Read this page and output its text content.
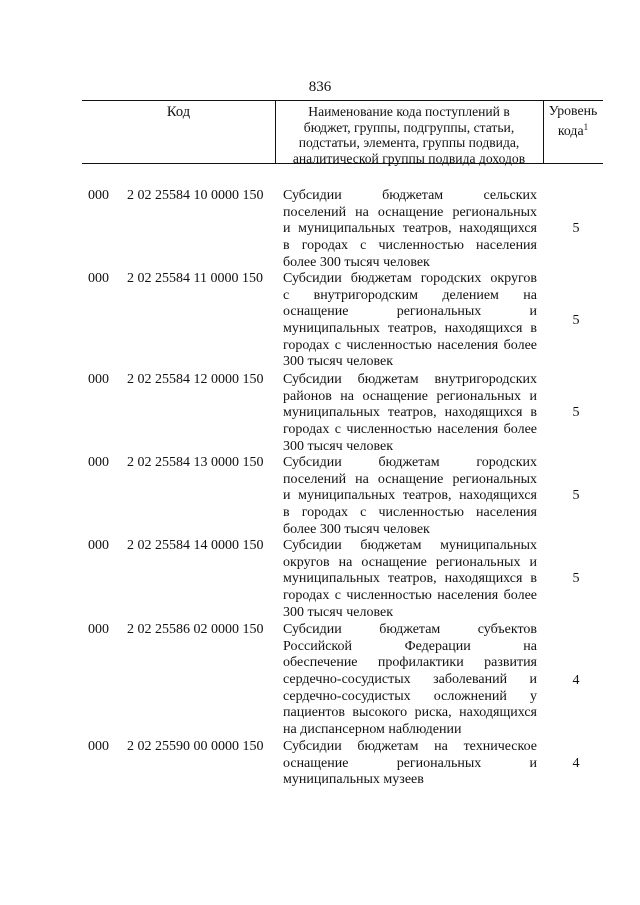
836
Код	Наименование кода поступлений в
бюджет, группы, подгруппы, статьи,
подстатьи, элемента, группы подвида,
аналитической группы подвида доходов
Уровень
кода$^1$
000 2 02 25584 10 0000 150 Субсидии бюджетам сельских
поселений на оснащение региональных
и муниципальных театров, находящихся
в городах с численностью населения
более 300 тысяч человек
5
000 2 02 25584 11 0000 150 Субсидии бюджетам городских округов
с внутригородским делением на
оснащение региональных и
муниципальных театров, находящихся в
городах с численностью населения более
300 тысяч человек
5
000 2 02 25584 12 0000 150 Субсидии бюджетам внутригородских
районов на оснащение региональных и
муниципальных театров, находящихся в
городах с численностью населения более
300 тысяч человек
5
000 2 02 25584 13 0000 150 Субсидии бюджетам городских
поселений на оснащение региональных
и муниципальных театров, находящихся
в городах с численностью населения
более 300 тысяч человек
5
000 2 02 25584 14 0000 150 Субсидии бюджетам муниципальных
округов на оснащение региональных и
муниципальных театров, находящихся в
городах с численностью населения более
300 тысяч человек
5
000 2 02 25586 02 0000 150 Субсидии бюджетам субъектов
Российской Федерации на
обеспечение профилактики развития
сердечно-сосудистых заболеваний и
сердечно-сосудистых осложнений у
пациентов высокого риска, находящихся
на диспансерном наблюдении
4
000 2 02 25590 00 0000 150 Субсидии бюджетам на техническое
оснащение региональных и
муниципальных музеев
4
